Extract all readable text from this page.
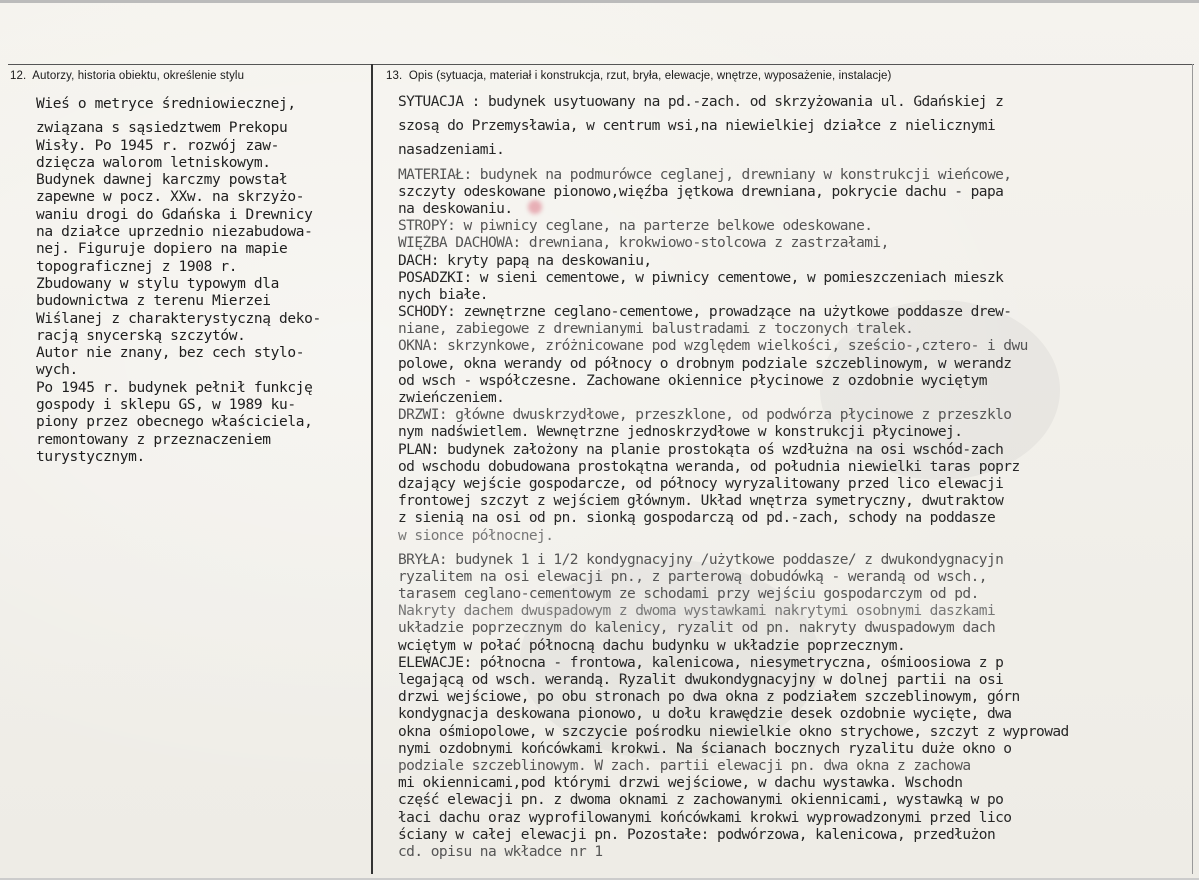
12. Autorzy, historia obiektu, określenie stylu	13. Opis (sytuacja, materiał i konstrukcja, rzut, bryła, elewacje, wnętrze, wyposażenie, instalacje)
Wieś o metryce średniowiecznej,
związana s sąsiedztwem Prekopu
Wisły. Po 1945 r. rozwój zaw-
dzięcza walorom letniskowym.
Budynek dawnej karczmy powstał
zapewne w pocz. XXw. na skrzyżo-
waniu drogi do Gdańska i Drewnicy
na działce uprzednio niezabudowa-
nej. Figuruje dopiero na mapie
topograficznej z 1908 r.
Zbudowany w stylu typowym dla
budownictwa z terenu Mierzei
Wiślanej z charakterystyczną deko-
racją snycerską szczytów.
Autor nie znany, bez cech stylo-
wych.
Po 1945 r. budynek pełnił funkcję
gospody i sklepu GS, w 1989 ku-
piony przez obecnego właściciela,
remontowany z przeznaczeniem
turystycznym.
SYTUACJA : budynek usytuowany na pd.-zach. od skrzyżowania ul. Gdańskiej z
szosą do Przemysławia, w centrum wsi,na niewielkiej działce z nielicznymi
nasadzeniami.
MATERIAŁ: budynek na podmurówce ceglanej, drewniany w konstrukcji wieńcowe,
szczyty odeskowane pionowo,więźba jętkowa drewniana, pokrycie dachu - papa
na deskowaniu.
STROPY: w piwnicy ceglane, na parterze belkowe odeskowane.
WIĘŹBA DACHOWA: drewniana, krokwiowo-stolcowa z zastrzałami,
DACH: kryty papą na deskowaniu,
POSADZKI: w sieni cementowe, w piwnicy cementowe, w pomieszczeniach mieszk
nych białe.
SCHODY: zewnętrzne ceglano-cementowe, prowadzące na użytkowe poddasze drew-
niane, zabiegowe z drewnianymi balustradami z toczonych tralek.
OKNA: skrzynkowe, zróżnicowane pod względem wielkości, sześcio-,cztero- i dwu
polowe, okna werandy od północy o drobnym podziale szczeblinowym, w werandz
od wsch - współczesne. Zachowane okiennice płycinowe z ozdobnie wyciętym
zwieńczeniem.
DRZWI: główne dwuskrzydłowe, przeszklone, od podwórza płycinowe z przeszklo
nym nadświetlem. Wewnętrzne jednoskrzydłowe w konstrukcji płycinowej.
PLAN: budynek założony na planie prostokąta oś wzdłużna na osi wschód-zach
od wschodu dobudowana prostokątna weranda, od południa niewielki taras poprz
dzający wejście gospodarcze, od północy wyryzalitowany przed lico elewacji
frontowej szczyt z wejściem głównym. Układ wnętrza symetryczny, dwutraktow
z sienią na osi od pn. sionką gospodarczą od pd.-zach, schody na poddasze
w sionce północnej.
BRYŁA: budynek 1 i 1/2 kondygnacyjny /użytkowe poddasze/ z dwukondygnacyjn
ryzalitem na osi elewacji pn., z parterową dobudówką - werandą od wsch.,
tarasem ceglano-cementowym ze schodami przy wejściu gospodarczym od pd.
Nakryty dachem dwuspadowym z dwoma wystawkami nakrytymi osobnymi daszkami
układzie poprzecznym do kalenicy, ryzalit od pn. nakryty dwuspadowym dach
wciętym w połać północną dachu budynku w układzie poprzecznym.
ELEWACJE: północna - frontowa, kalenicowa, niesymetryczna, ośmioosiowa z p
legającą od wsch. werandą. Ryzalit dwukondygnacyjny w dolnej partii na osi
drzwi wejściowe, po obu stronach po dwa okna z podziałem szczeblinowym, górn
kondygnacja deskowana pionowo, u dołu krawędzie desek ozdobnie wycięte, dwa
okna ośmiopolowe, w szczycie pośrodku niewielkie okno strychowe, szczyt z wyprowad
nymi ozdobnymi końcówkami krokwi. Na ścianach bocznych ryzalitu duże okno o
podziale szczeblinowym. W zach. partii elewacji pn. dwa okna z zachowa
mi okiennicami,pod którymi drzwi wejściowe, w dachu wystawka. Wschodn
część elewacji pn. z dwoma oknami z zachowanymi okiennicami, wystawką w po
łaci dachu oraz wyprofilowanymi końcówkami krokwi wyprowadzonymi przed lico
ściany w całej elewacji pn. Pozostałe: podwórzowa, kalenicowa, przedłużon
cd. opisu na wkładce nr 1
